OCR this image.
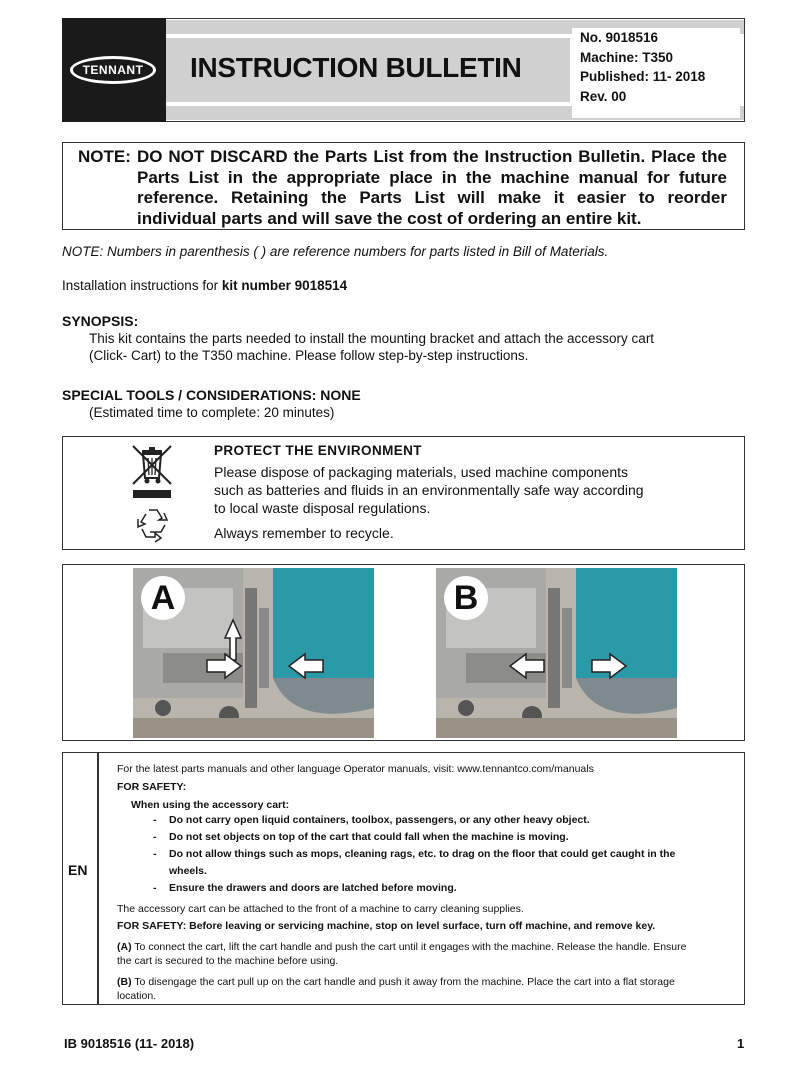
TENNANT	INSTRUCTION BULLETIN
No. 9018516
Machine: T350
Published: 11- 2018
Rev. 00
NOTE: DO NOT DISCARD the Parts List from the Instruction Bulletin. Place the Parts List in the appropriate place in the machine manual for future reference. Retaining the Parts List will make it easier to reorder individual parts and will save the cost of ordering an entire kit.
NOTE: Numbers in parenthesis ( ) are reference numbers for parts listed in Bill of Materials.
Installation instructions for kit number 9018514
SYNOPSIS:
This kit contains the parts needed to install the mounting bracket and attach the accessory cart
(Click- Cart) to the T350 machine. Please follow step-by-step instructions.
SPECIAL TOOLS / CONSIDERATIONS: NONE
(Estimated time to complete: 20 minutes)
PROTECT THE ENVIRONMENT
Please dispose of packaging materials, used machine components
such as batteries and fluids in an environmentally safe way according
to local waste disposal regulations.
Always remember to recycle.
A	B
EN
For the latest parts manuals and other language Operator manuals, visit: www.tennantco.com/manuals
FOR SAFETY:
When using the accessory cart:
- Do not carry open liquid containers, toolbox, passengers, or any other heavy object.
- Do not set objects on top of the cart that could fall when the machine is moving.
- Do not allow things such as mops, cleaning rags, etc. to drag on the floor that could get caught in the
wheels.
- Ensure the drawers and doors are latched before moving.
The accessory cart can be attached to the front of a machine to carry cleaning supplies.
FOR SAFETY: Before leaving or servicing machine, stop on level surface, turn off machine, and remove key.
(A) To connect the cart, lift the cart handle and push the cart until it engages with the machine. Release the handle. Ensure
the cart is secured to the machine before using.
(B) To disengage the cart pull up on the cart handle and push it away from the machine. Place the cart into a flat storage
location.
IB 9018516 (11- 2018)	1
